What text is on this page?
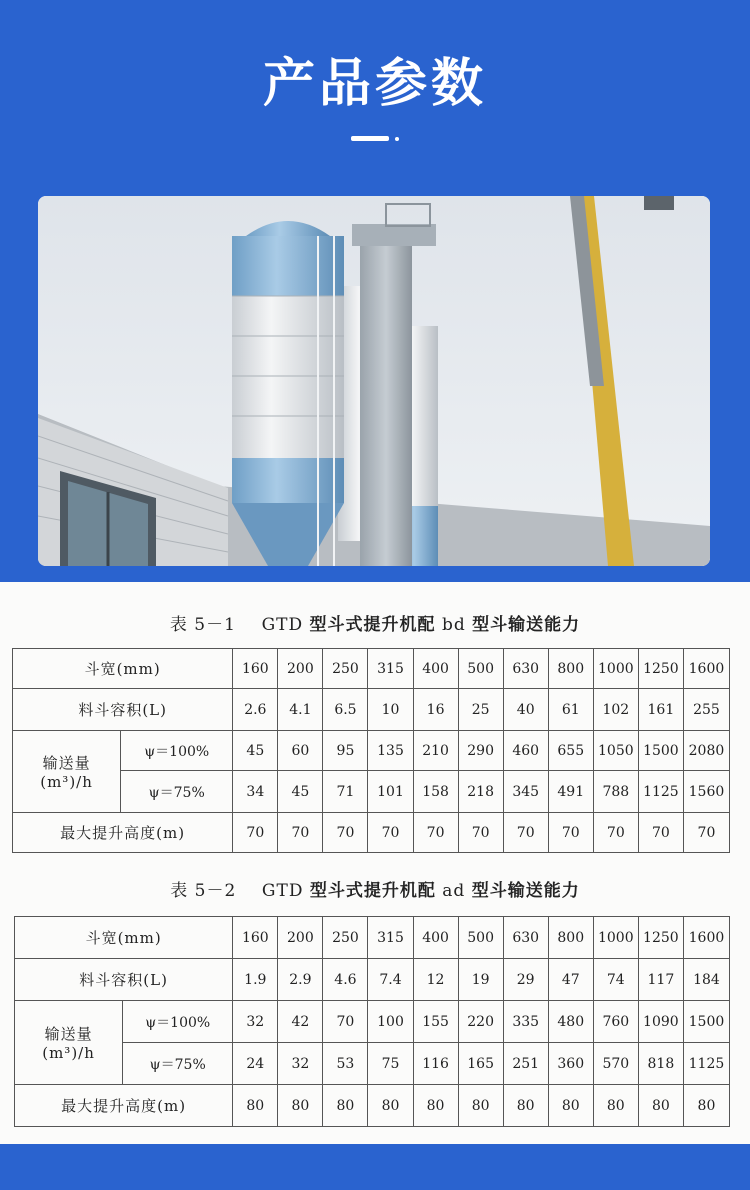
产品参数
表 5－1 GTD 型斗式提升机配 bd 型斗输送能力
斗宽(mm)		160	200	250	315	400	500	630	800	1000	1250	1600
料斗容积(L)		2.6	4.1	6.5	10	16	25	40	61	102	161	255

输送量
(m³)/h	ψ＝100%	45	60	95	135	210	290	460	655	1050	1500	2080
	ψ＝75%	34	45	71	101	158	218	345	491	788	1125	1560
最大提升高度(m)		70	70	70	70	70	70	70	70	70	70	70
表 5－2 GTD 型斗式提升机配 ad 型斗输送能力
斗宽(mm)		160	200	250	315	400	500	630	800	1000	1250	1600
料斗容积(L)		1.9	2.9	4.6	7.4	12	19	29	47	74	117	184

输送量
(m³)/h	ψ＝100%	32	42	70	100	155	220	335	480	760	1090	1500
	ψ＝75%	24	32	53	75	116	165	251	360	570	818	1125
最大提升高度(m)		80	80	80	80	80	80	80	80	80	80	80
